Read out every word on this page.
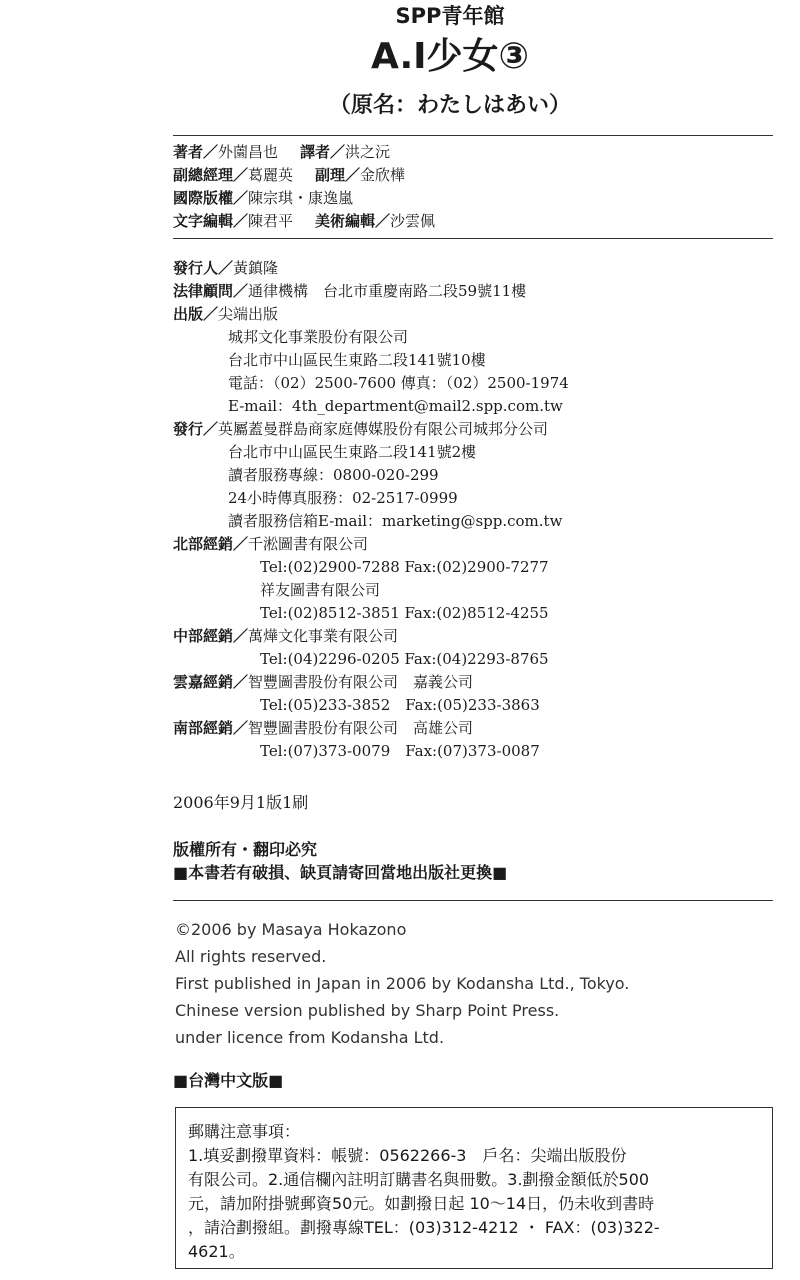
SPP青年館
A.I少女③
（原名：わたしはあい）
著者／外薗昌也 譯者／洪之沅
副總經理／葛麗英 副理／金欣樺
國際版權／陳宗琪・康逸嵐
文字編輯／陳君平 美術編輯／沙雲佩
發行人／黃鎮隆
法律顧問／通律機構　台北市重慶南路二段59號11樓
出版／尖端出版
城邦文化事業股份有限公司
台北市中山區民生東路二段141號10樓
電話：（02）2500-7600 傳真：（02）2500-1974
E-mail：4th_department@mail2.spp.com.tw
發行／英屬蓋曼群島商家庭傳媒股份有限公司城邦分公司
台北市中山區民生東路二段141號2樓
讀者服務專線：0800-020-299
24小時傳真服務：02-2517-0999
讀者服務信箱E-mail：marketing@spp.com.tw
北部經銷／千淞圖書有限公司
Tel:(02)2900-7288 Fax:(02)2900-7277
祥友圖書有限公司
Tel:(02)8512-3851 Fax:(02)8512-4255
中部經銷／萬燁文化事業有限公司
Tel:(04)2296-0205 Fax:(04)2293-8765
雲嘉經銷／智豐圖書股份有限公司　嘉義公司
Tel:(05)233-3852　Fax:(05)233-3863
南部經銷／智豐圖書股份有限公司　高雄公司
Tel:(07)373-0079　Fax:(07)373-0087
2006年9月1版1刷
版權所有・翻印必究
■本書若有破損、缺頁請寄回當地出版社更換■
©2006 by Masaya Hokazono
All rights reserved.
First published in Japan in 2006 by Kodansha Ltd., Tokyo.
Chinese version published by Sharp Point Press.
under licence from Kodansha Ltd.
■台灣中文版■
郵購注意事項：
1.填妥劃撥單資料：帳號：0562266-3　戶名：尖端出版股份
有限公司。2.通信欄內註明訂購書名與冊數。3.劃撥金額低於500
元，請加附掛號郵資50元。如劃撥日起 10～14日，仍未收到書時
，請洽劃撥組。劃撥專線TEL：(03)312-4212 ・ FAX：(03)322-
4621。
